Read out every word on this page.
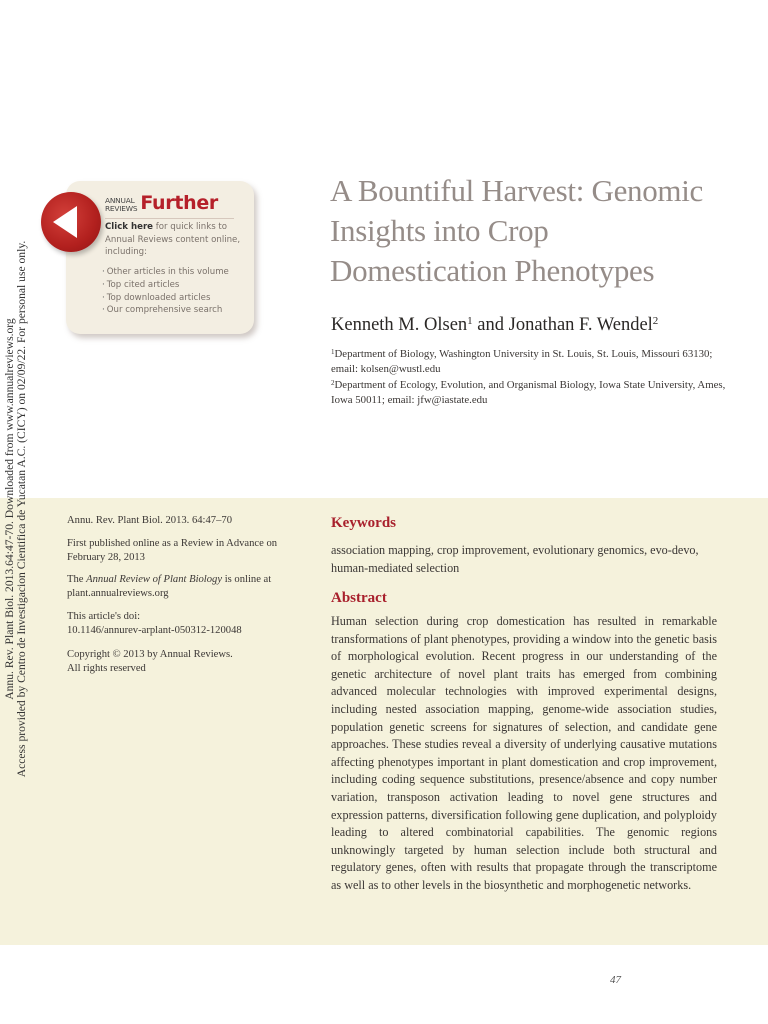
Annu. Rev. Plant Biol. 2013.64:47-70. Downloaded from www.annualreviews.org Access provided by Centro de Investigacion Cientifica de Yucatan A.C. (CICY) on 02/09/22. For personal use only.
ANNUAL
REVIEWS Further
Click here for quick links to Annual Reviews content online, including:
· Other articles in this volume
· Top cited articles
· Top downloaded articles
· Our comprehensive search
A Bountiful Harvest: Genomic
Insights into Crop
Domestication Phenotypes
Kenneth M. Olsen$^1$ and Jonathan F. Wendel$^2$
$^1$Department of Biology, Washington University in St. Louis, St. Louis, Missouri 63130; email: kolsen@wustl.edu
$^2$Department of Ecology, Evolution, and Organismal Biology, Iowa State University, Ames, Iowa 50011; email: jfw@iastate.edu
Annu. Rev. Plant Biol. 2013. 64:47–70
First published online as a Review in Advance on February 28, 2013
The Annual Review of Plant Biology is online at plant.annualreviews.org
This article's doi:
10.1146/annurev-arplant-050312-120048
Copyright © 2013 by Annual Reviews.
All rights reserved
Keywords
association mapping, crop improvement, evolutionary genomics, evo-devo, human-mediated selection
Abstract
Human selection during crop domestication has resulted in remarkable transformations of plant phenotypes, providing a window into the genetic basis of morphological evolution. Recent progress in our understanding of the genetic architecture of novel plant traits has emerged from combining advanced molecular technologies with improved experimental designs, including nested association mapping, genome-wide association studies, population genetic screens for signatures of selection, and candidate gene approaches. These studies reveal a diversity of underlying causative mutations affecting phenotypes important in plant domestication and crop improvement, including coding sequence substitutions, presence/absence and copy number variation, transposon activation leading to novel gene structures and expression patterns, diversification following gene duplication, and polyploidy leading to altered combinatorial capabilities. The genomic regions unknowingly targeted by human selection include both structural and regulatory genes, often with results that propagate through the transcriptome as well as to other levels in the biosynthetic and morphogenetic networks.
47
